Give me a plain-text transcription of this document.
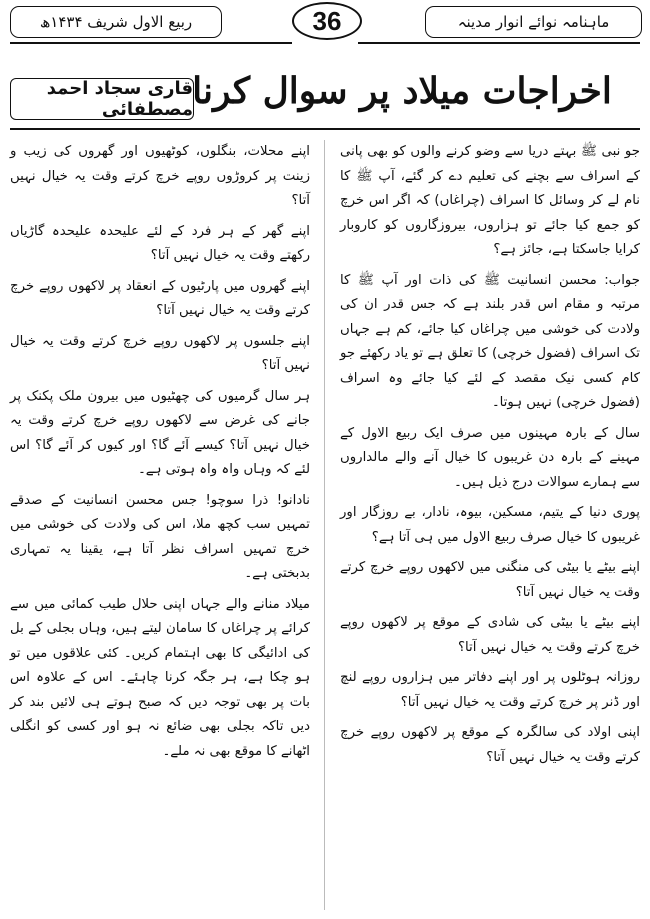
ماہنامہ نوائے انوار مدینہ
36
ربیع الاول شریف ۱۴۳۴ھ
اخراجات میلاد پر سوال کرنا
قاری سجاد احمد مصطفائی

جو نبی ﷺ بہتے دریا سے وضو کرنے والوں کو بھی پانی کے اسراف سے بچنے کی تعلیم دے کر گئے، آپ ﷺ کا نام لے کر وسائل کا اسراف (چراغاں) کہ اگر اس خرچ کو جمع کیا جائے تو ہزاروں، بیروزگاروں کو کاروبار کرایا جاسکتا ہے، جائز ہے؟

جواب: محسن انسانیت ﷺ کی ذات اور آپ ﷺ کا مرتبہ و مقام اس قدر بلند ہے کہ جس قدر ان کی ولادت کی خوشی میں چراغاں کیا جائے، کم ہے جہاں تک اسراف (فضول خرچی) کا تعلق ہے تو یاد رکھئے جو کام کسی نیک مقصد کے لئے کیا جائے وہ اسراف (فضول خرچی) نہیں ہوتا۔

سال کے بارہ مہینوں میں صرف ایک ربیع الاول کے مہینے کے بارہ دن غریبوں کا خیال آنے والے مالداروں سے ہمارے سوالات درج ذیل ہیں۔

پوری دنیا کے یتیم، مسکین، بیوہ، نادار، بے روزگار اور غریبوں کا خیال صرف ربیع الاول میں ہی آتا ہے؟

اپنے بیٹے یا بیٹی کی منگنی میں لاکھوں روپے خرچ کرتے وقت یہ خیال نہیں آتا؟

اپنے بیٹے یا بیٹی کی شادی کے موقع پر لاکھوں روپے خرچ کرتے وقت یہ خیال نہیں آتا؟

روزانہ ہوٹلوں پر اور اپنے دفاتر میں ہزاروں روپے لنچ اور ڈنر پر خرچ کرتے وقت یہ خیال نہیں آتا؟

اپنی اولاد کی سالگرہ کے موقع پر لاکھوں روپے خرچ کرتے وقت یہ خیال نہیں آتا؟

اپنے محلات، بنگلوں، کوٹھیوں اور گھروں کی زیب و زینت پر کروڑوں روپے خرچ کرتے وقت یہ خیال نہیں آتا؟

اپنے گھر کے ہر فرد کے لئے علیحدہ علیحدہ گاڑیاں رکھتے وقت یہ خیال نہیں آتا؟

اپنے گھروں میں پارٹیوں کے انعقاد پر لاکھوں روپے خرچ کرتے وقت یہ خیال نہیں آتا؟

اپنے جلسوں پر لاکھوں روپے خرچ کرتے وقت یہ خیال نہیں آتا؟

ہر سال گرمیوں کی چھٹیوں میں بیرون ملک پکنک پر جانے کی غرض سے لاکھوں روپے خرچ کرتے وقت یہ خیال نہیں آتا؟ کیسے آئے گا؟ اور کیوں کر آئے گا؟ اس لئے کہ وہاں واہ واہ ہوتی ہے۔

نادانو! ذرا سوچو! جس محسن انسانیت کے صدقے تمہیں سب کچھ ملا، اس کی ولادت کی خوشی میں خرچ تمہیں اسراف نظر آتا ہے، یقینا یہ تمہاری بدبختی ہے۔

میلاد منانے والے جہاں اپنی حلال طیب کمائی میں سے کرائے پر چراغاں کا سامان لیتے ہیں، وہاں بجلی کے بل کی ادائیگی کا بھی اہتمام کریں۔ کئی علاقوں میں تو ہو چکا ہے، ہر جگہ کرنا چاہئے۔ اس کے علاوہ اس بات پر بھی توجہ دیں کہ صبح ہوتے ہی لائیں بند کر دیں تاکہ بجلی بھی ضائع نہ ہو اور کسی کو انگلی اٹھانے کا موقع بھی نہ ملے۔
